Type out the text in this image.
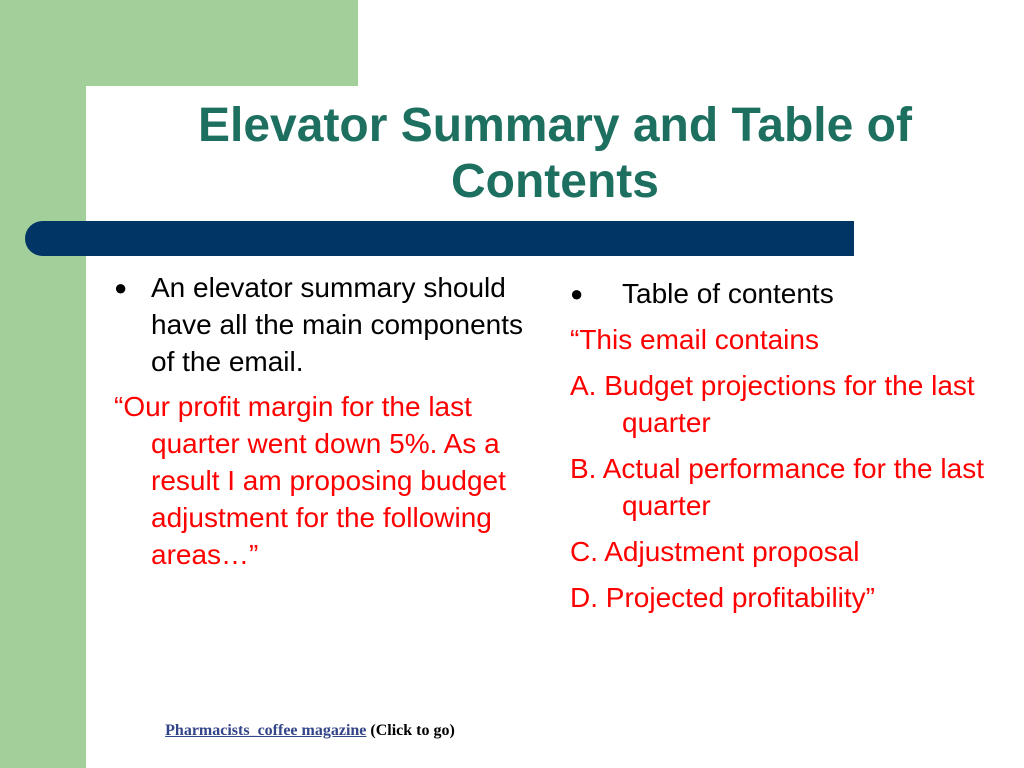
Elevator Summary and Table of Contents
● An elevator summary should have all the main components of the email.
“Our profit margin for the last quarter went down 5%. As a result I am proposing budget adjustment for the following areas…”
● Table of contents
“This email contains
A. Budget projections for the last quarter
B. Actual performance for the last quarter
C. Adjustment proposal
D. Projected profitability”
Pharmacists_coffee magazine (Click to go)
